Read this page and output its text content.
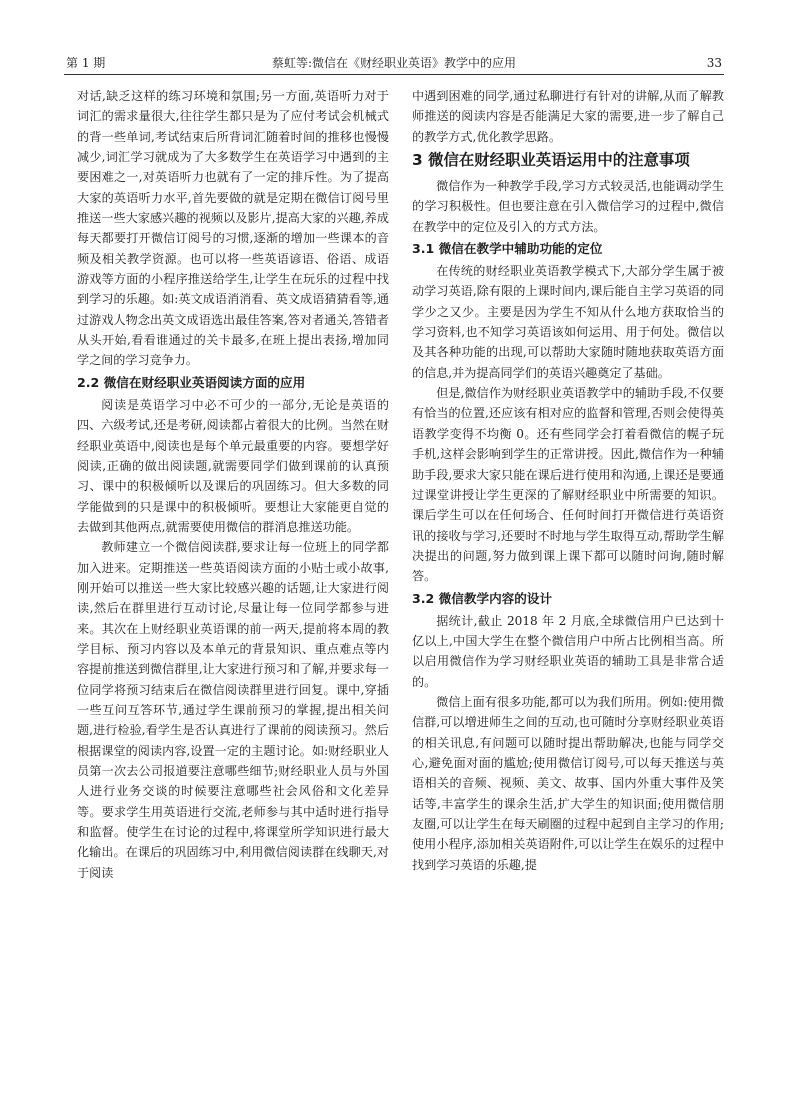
第 1 期	蔡虹等:微信在《财经职业英语》教学中的应用	33

对话,缺乏这样的练习环境和氛围;另一方面,英语听力对于词汇的需求量很大,往往学生都只是为了应付考试会机械式的背一些单词,考试结束后所背词汇随着时间的推移也慢慢减少,词汇学习就成为了大多数学生在英语学习中遇到的主要困难之一,对英语听力也就有了一定的排斥性。为了提高大家的英语听力水平,首先要做的就是定期在微信订阅号里推送一些大家感兴趣的视频以及影片,提高大家的兴趣,养成每天都要打开微信订阅号的习惯,逐渐的增加一些课本的音频及相关教学资源。也可以将一些英语谚语、俗语、成语游戏等方面的小程序推送给学生,让学生在玩乐的过程中找到学习的乐趣。如:英文成语消消看、英文成语猜猜看等,通过游戏人物念出英文成语选出最佳答案,答对者通关,答错者从头开始,看看谁通过的关卡最多,在班上提出表扬,增加同学之间的学习竞争力。

2.2 微信在财经职业英语阅读方面的应用

阅读是英语学习中必不可少的一部分,无论是英语的四、六级考试,还是考研,阅读都占着很大的比例。当然在财经职业英语中,阅读也是每个单元最重要的内容。要想学好阅读,正确的做出阅读题,就需要同学们做到课前的认真预习、课中的积极倾听以及课后的巩固练习。但大多数的同学能做到的只是课中的积极倾听。要想让大家能更自觉的去做到其他两点,就需要使用微信的群消息推送功能。

教师建立一个微信阅读群,要求让每一位班上的同学都加入进来。定期推送一些英语阅读方面的小贴士或小故事,刚开始可以推送一些大家比较感兴趣的话题,让大家进行阅读,然后在群里进行互动讨论,尽量让每一位同学都参与进来。其次在上财经职业英语课的前一两天,提前将本周的教学目标、预习内容以及本单元的背景知识、重点难点等内容提前推送到微信群里,让大家进行预习和了解,并要求每一位同学将预习结束后在微信阅读群里进行回复。课中,穿插一些互问互答环节,通过学生课前预习的掌握,提出相关问题,进行检验,看学生是否认真进行了课前的阅读预习。然后根据课堂的阅读内容,设置一定的主题讨论。如:财经职业人员第一次去公司报道要注意哪些细节;财经职业人员与外国人进行业务交谈的时候要注意哪些社会风俗和文化差异等。要求学生用英语进行交流,老师参与其中适时进行指导和监督。使学生在讨论的过程中,将课堂所学知识进行最大化输出。在课后的巩固练习中,利用微信阅读群在线聊天,对于阅读

中遇到困难的同学,通过私聊进行有针对的讲解,从而了解教师推送的阅读内容是否能满足大家的需要,进一步了解自己的教学方式,优化教学思路。

3 微信在财经职业英语运用中的注意事项

微信作为一种教学手段,学习方式较灵活,也能调动学生的学习积极性。但也要注意在引入微信学习的过程中,微信在教学中的定位及引入的方式方法。

3.1 微信在教学中辅助功能的定位

在传统的财经职业英语教学模式下,大部分学生属于被动学习英语,除有限的上课时间内,课后能自主学习英语的同学少之又少。主要是因为学生不知从什么地方获取恰当的学习资料,也不知学习英语该如何运用、用于何处。微信以及其各种功能的出现,可以帮助大家随时随地获取英语方面的信息,并为提高同学们的英语兴趣奠定了基础。

但是,微信作为财经职业英语教学中的辅助手段,不仅要有恰当的位置,还应该有相对应的监督和管理,否则会使得英语教学变得不均衡 0。还有些同学会打着看微信的幌子玩手机,这样会影响到学生的正常讲授。因此,微信作为一种辅助手段,要求大家只能在课后进行使用和沟通,上课还是要通过课堂讲授让学生更深的了解财经职业中所需要的知识。课后学生可以在任何场合、任何时间打开微信进行英语资讯的接收与学习,还要时不时地与学生取得互动,帮助学生解决提出的问题,努力做到课上课下都可以随时问询,随时解答。

3.2 微信教学内容的设计

据统计,截止 2018 年 2 月底,全球微信用户已达到十亿以上,中国大学生在整个微信用户中所占比例相当高。所以启用微信作为学习财经职业英语的辅助工具是非常合适的。

微信上面有很多功能,都可以为我们所用。例如:使用微信群,可以增进师生之间的互动,也可随时分享财经职业英语的相关讯息,有问题可以随时提出帮助解决,也能与同学交心,避免面对面的尴尬;使用微信订阅号,可以每天推送与英语相关的音频、视频、美文、故事、国内外重大事件及笑话等,丰富学生的课余生活,扩大学生的知识面;使用微信朋友圈,可以让学生在每天刷圈的过程中起到自主学习的作用;使用小程序,添加相关英语附件,可以让学生在娱乐的过程中找到学习英语的乐趣,提
